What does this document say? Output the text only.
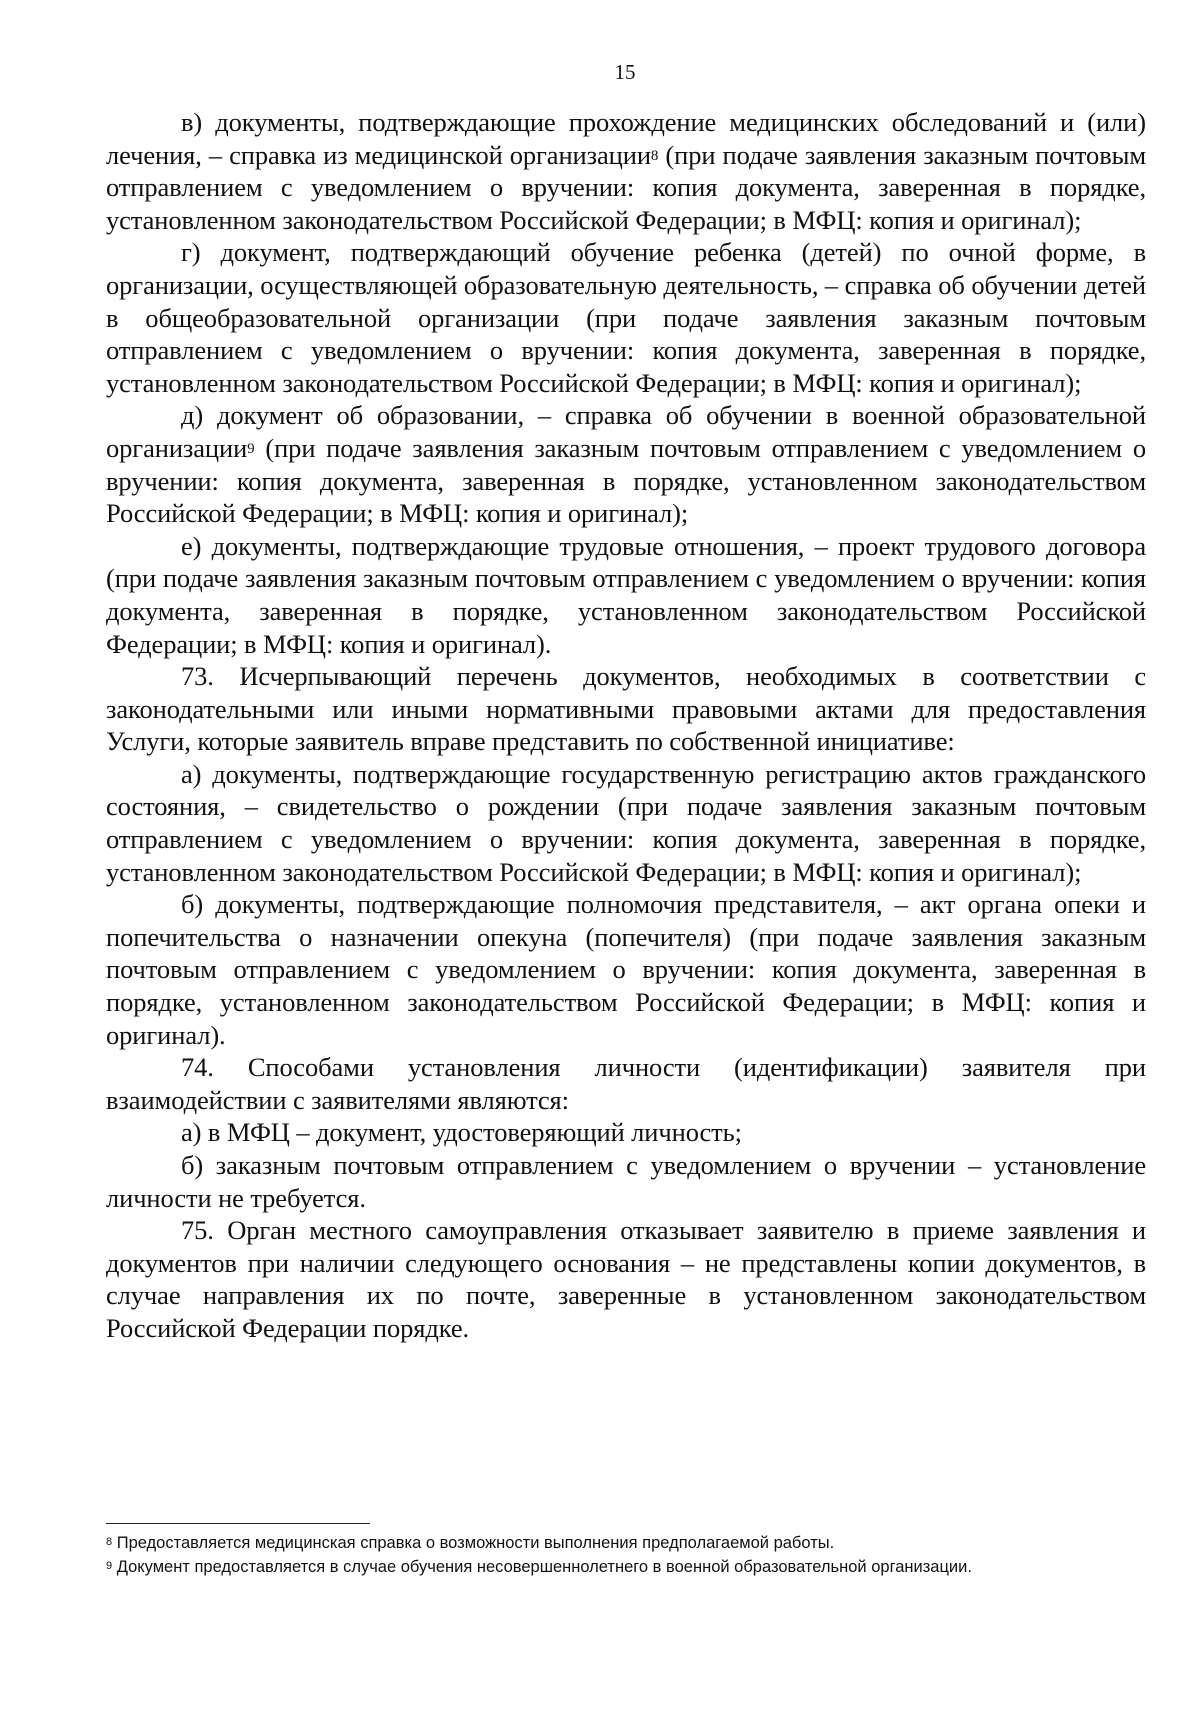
15

в) документы, подтверждающие прохождение медицинских обследований и (или) лечения, – справка из медицинской организации$^8$ (при подаче заявления заказным почтовым отправлением с уведомлением о вручении: копия документа, заверенная в порядке, установленном законодательством Российской Федерации; в МФЦ: копия и оригинал);

г) документ, подтверждающий обучение ребенка (детей) по очной форме, в организации, осуществляющей образовательную деятельность, – справка об обучении детей в общеобразовательной организации (при подаче заявления заказным почтовым отправлением с уведомлением о вручении: копия документа, заверенная в порядке, установленном законодательством Российской Федерации; в МФЦ: копия и оригинал);

д) документ об образовании, – справка об обучении в военной образовательной организации$^9$ (при подаче заявления заказным почтовым отправлением с уведомлением о вручении: копия документа, заверенная в порядке, установленном законодательством Российской Федерации; в МФЦ: копия и оригинал);

е) документы, подтверждающие трудовые отношения, – проект трудового договора (при подаче заявления заказным почтовым отправлением с уведомлением о вручении: копия документа, заверенная в порядке, установленном законодательством Российской Федерации; в МФЦ: копия и оригинал).

73. Исчерпывающий перечень документов, необходимых в соответствии с законодательными или иными нормативными правовыми актами для предоставления Услуги, которые заявитель вправе представить по собственной инициативе:

а) документы, подтверждающие государственную регистрацию актов гражданского состояния, – свидетельство о рождении (при подаче заявления заказным почтовым отправлением с уведомлением о вручении: копия документа, заверенная в порядке, установленном законодательством Российской Федерации; в МФЦ: копия и оригинал);

б) документы, подтверждающие полномочия представителя, – акт органа опеки и попечительства о назначении опекуна (попечителя) (при подаче заявления заказным почтовым отправлением с уведомлением о вручении: копия документа, заверенная в порядке, установленном законодательством Российской Федерации; в МФЦ: копия и оригинал).

74. Способами установления личности (идентификации) заявителя при взаимодействии с заявителями являются:

а) в МФЦ – документ, удостоверяющий личность;

б) заказным почтовым отправлением с уведомлением о вручении – установление личности не требуется.

75. Орган местного самоуправления отказывает заявителю в приеме заявления и документов при наличии следующего основания – не представлены копии документов, в случае направления их по почте, заверенные в установленном законодательством Российской Федерации порядке.

$^8$ Предоставляется медицинская справка о возможности выполнения предполагаемой работы.

$^9$ Документ предоставляется в случае обучения несовершеннолетнего в военной образовательной организации.
